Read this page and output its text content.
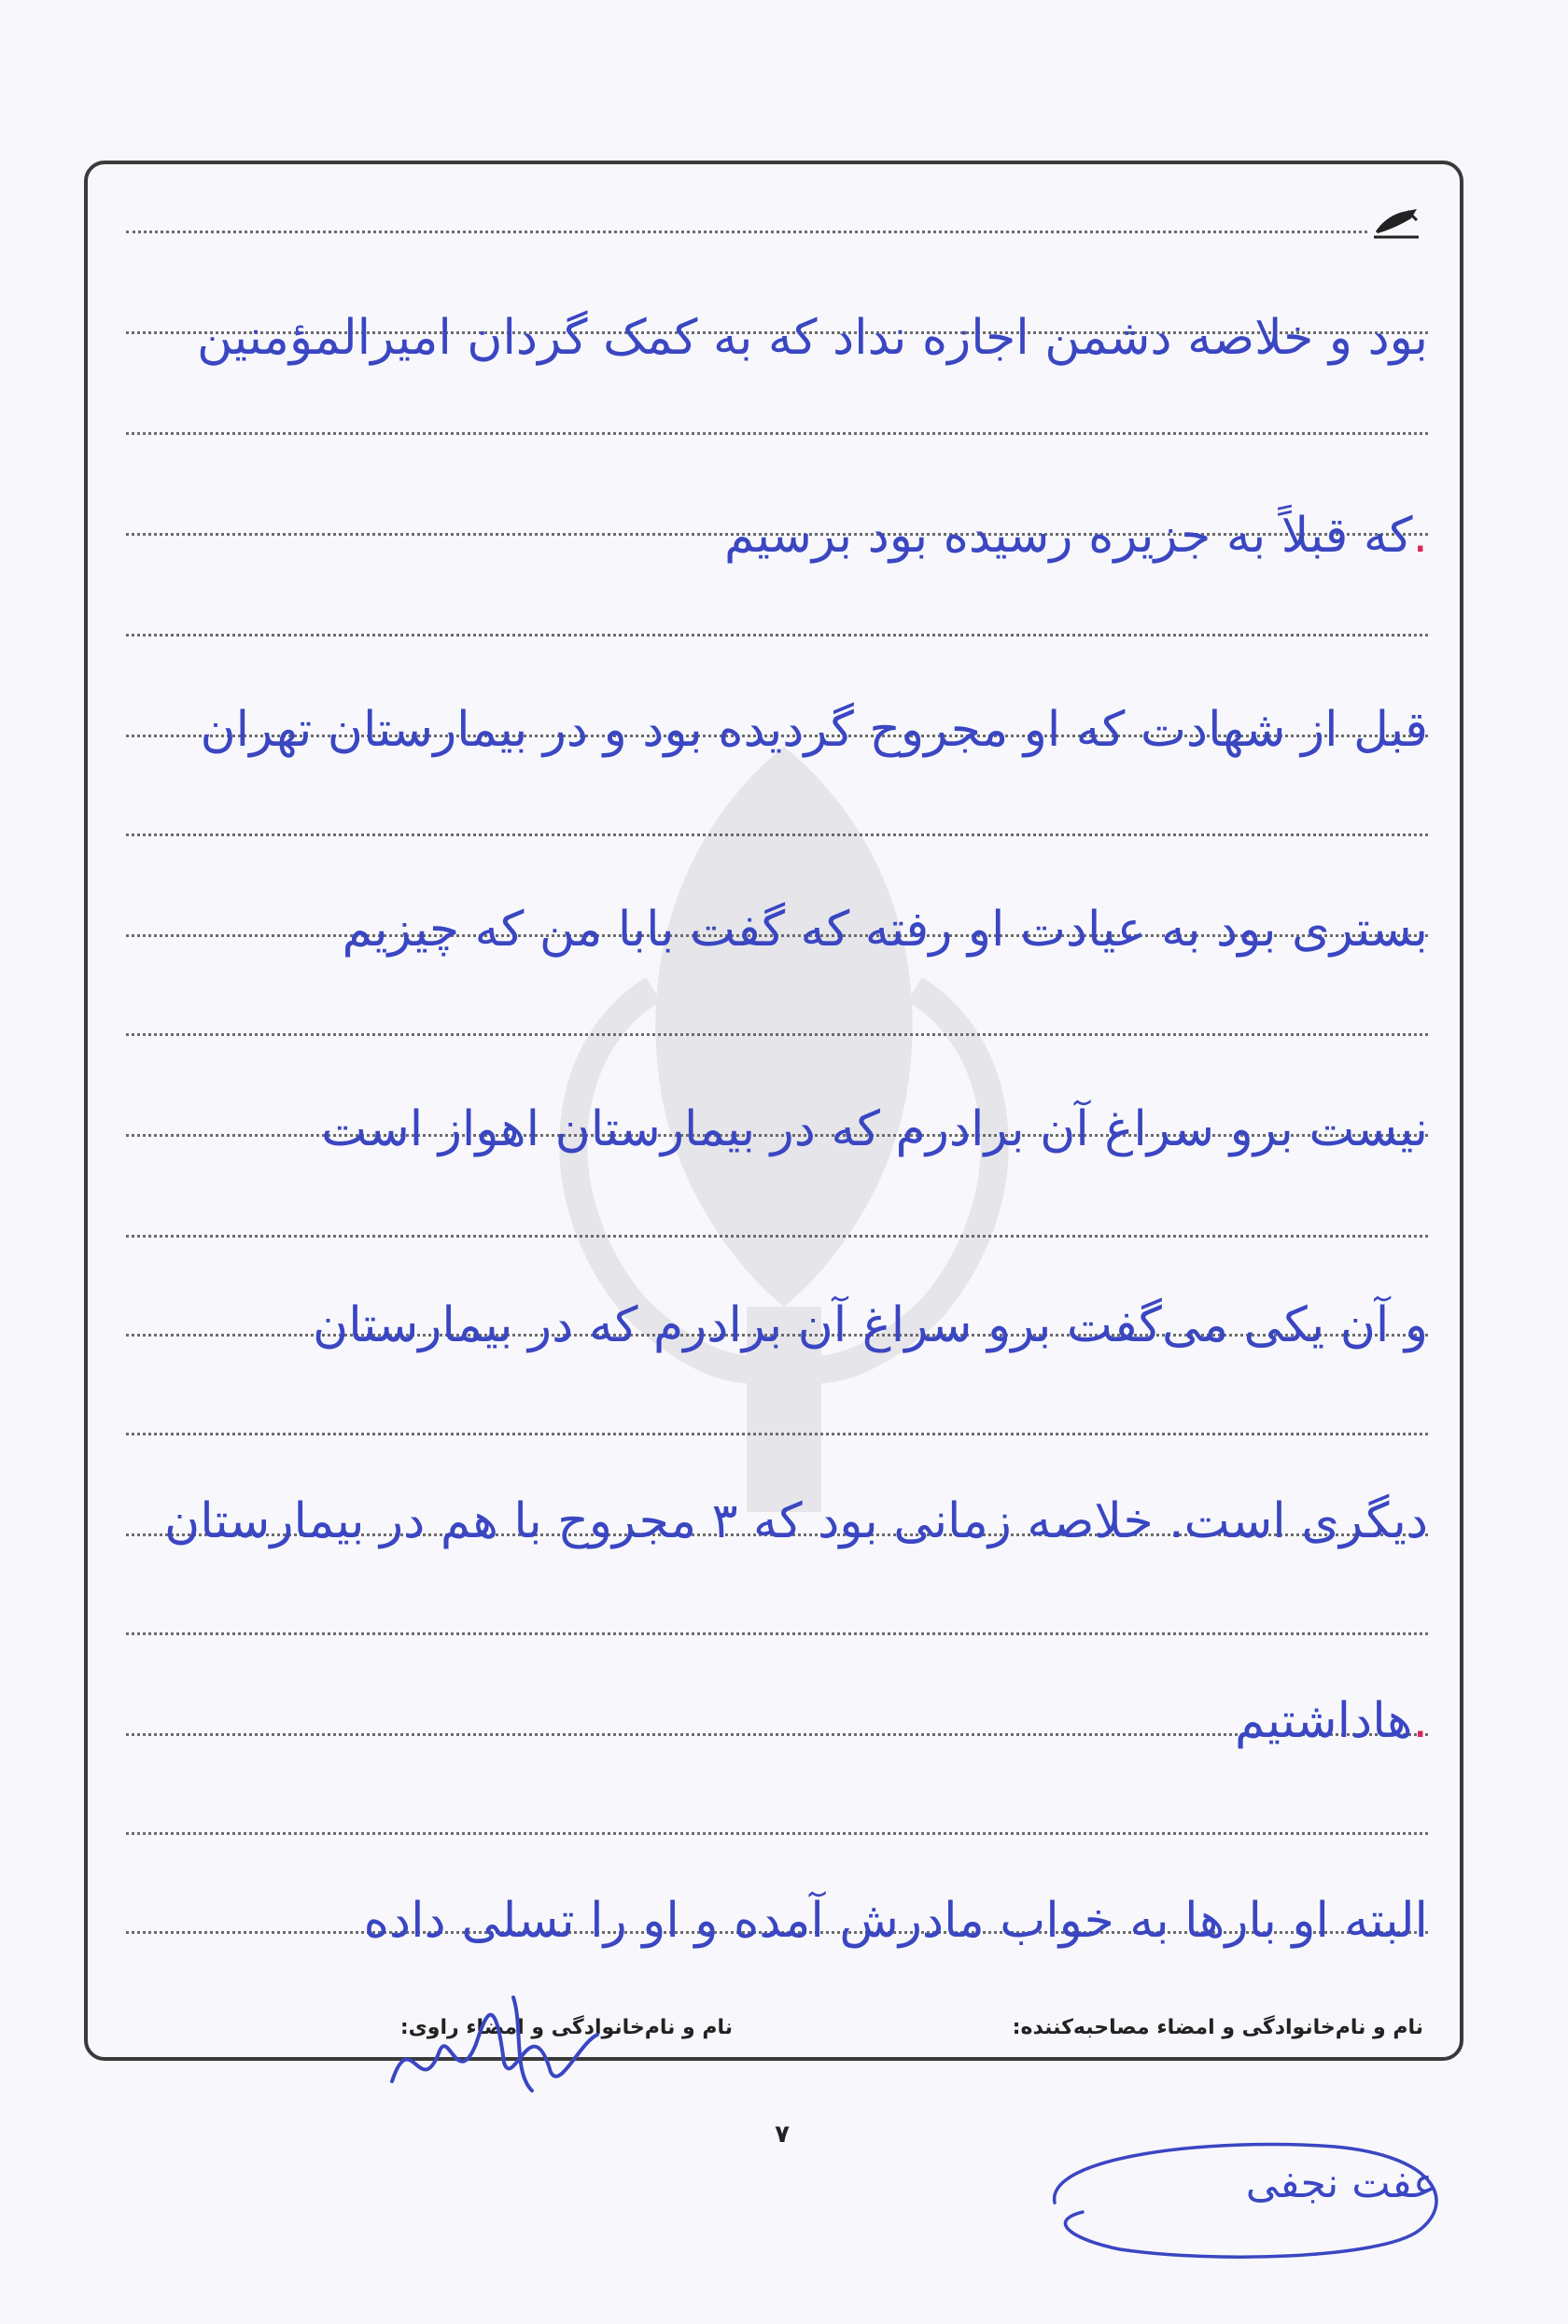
بود و خلاصه دشمن اجازه نداد که به کمک گردان امیرالمؤمنین
.که قبلاً به جزیره رسیده بود برسیم
قبل از شهادت که او مجروح گردیده بود و در بیمارستان تهران
بستری بود به عیادت او رفته که گفت بابا من که چیزیم
نیست برو سراغ آن برادرم که در بیمارستان اهواز است
و آن یکی می‌گفت برو سراغ آن برادرم که در بیمارستان
دیگری است. خلاصه زمانی بود که ۳ مجروح با هم در بیمارستان
.هاداشتیم
البته او بارها به خواب مادرش آمده و او را تسلی داده
نام و نام‌خانوادگی و امضاء مصاحبه‌کننده:
نام و نام‌خانوادگی و امضاء راوی:
عفت نجفی
۷
